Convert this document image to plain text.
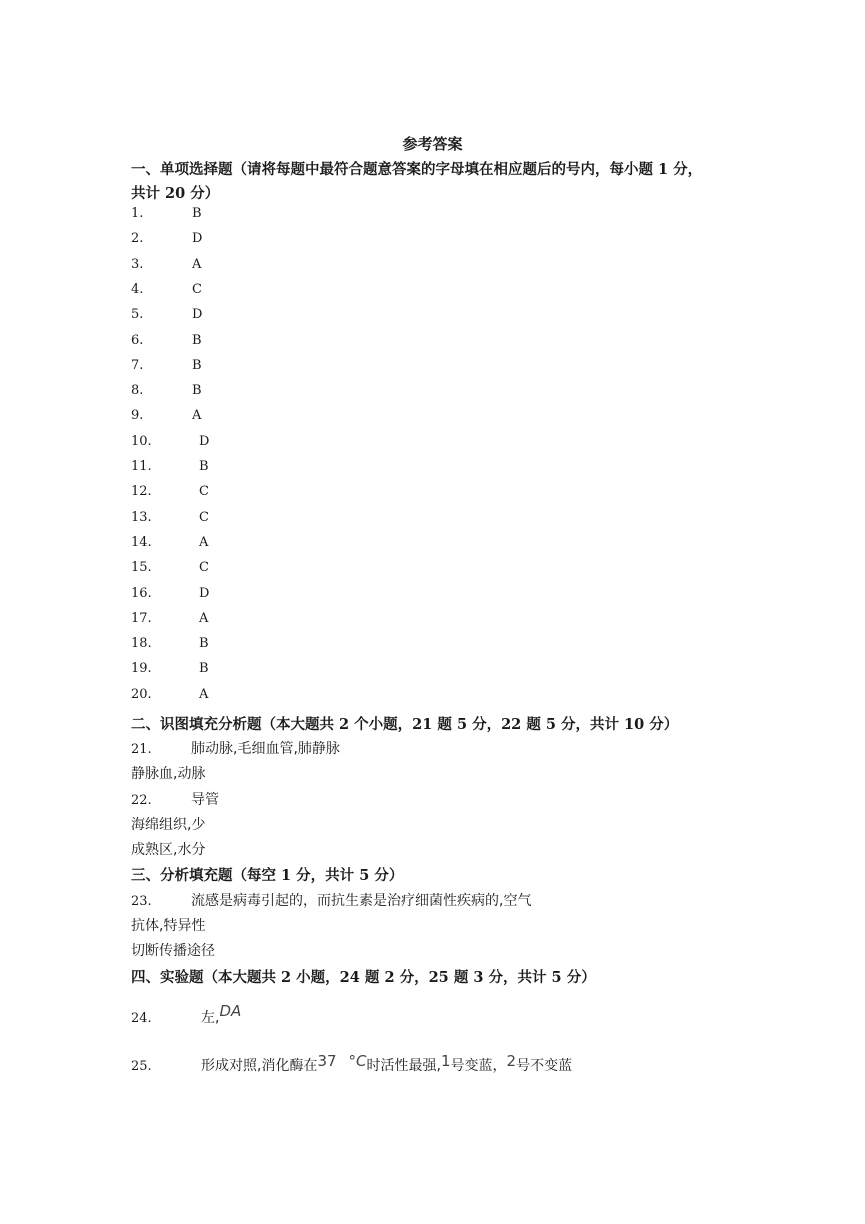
参考答案
一、单项选择题（请将每题中最符合题意答案的字母填在相应题后的号内，每小题 1 分，
共计 20 分）
1.	B
2.	D
3.	A
4.	C
5.	D
6.	B
7.	B
8.	B
9.	A
10.	D
11.	B
12.	C
13.	C
14.	A
15.	C
16.	D
17.	A
18.	B
19.	B
20.	A
二、识图填充分析题（本大题共 2 个小题，21 题 5 分，22 题 5 分，共计 10 分）
21.	肺动脉,毛细血管,肺静脉
静脉血,动脉
22.	导管
海绵组织,少
成熟区,水分
三、分析填充题（每空 1 分，共计 5 分）
23.	流感是病毒引起的，而抗生素是治疗细菌性疾病的,空气
抗体,特异性
切断传播途径
四、实验题（本大题共 2 小题，24 题 2 分，25 题 3 分，共计 5 分）
24.	左,DA
25.	形成对照,消化酶在37 °C时活性最强,1号变蓝，2号不变蓝
